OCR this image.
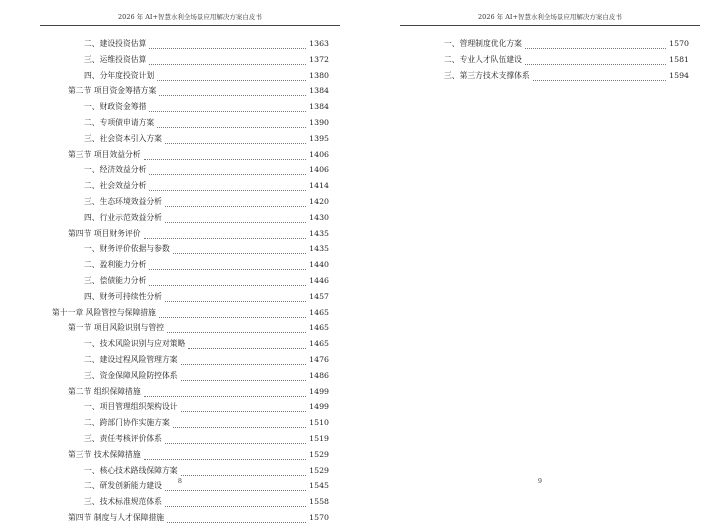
2026 年 AI+智慧水利全场景应用解决方案白皮书
二、建设投资估算	1363
三、运维投资估算	1372
四、分年度投资计划	1380
第二节 项目资金筹措方案	1384
一、财政资金筹措	1384
二、专项债申请方案	1390
三、社会资本引入方案	1395
第三节 项目效益分析	1406
一、经济效益分析	1406
二、社会效益分析	1414
三、生态环境效益分析	1420
四、行业示范效益分析	1430
第四节 项目财务评价	1435
一、财务评价依据与参数	1435
二、盈利能力分析	1440
三、偿债能力分析	1446
四、财务可持续性分析	1457
第十一章 风险管控与保障措施	1465
第一节 项目风险识别与管控	1465
一、技术风险识别与应对策略	1465
二、建设过程风险管理方案	1476
三、资金保障风险防控体系	1486
第二节 组织保障措施	1499
一、项目管理组织架构设计	1499
二、跨部门协作实施方案	1510
三、责任考核评价体系	1519
第三节 技术保障措施	1529
一、核心技术路线保障方案	1529
二、研发创新能力建设	1545
三、技术标准规范体系	1558
第四节 制度与人才保障措施	1570
8
2026 年 AI+智慧水利全场景应用解决方案白皮书
一、管理制度优化方案	1570
二、专业人才队伍建设	1581
三、第三方技术支撑体系	1594
9
